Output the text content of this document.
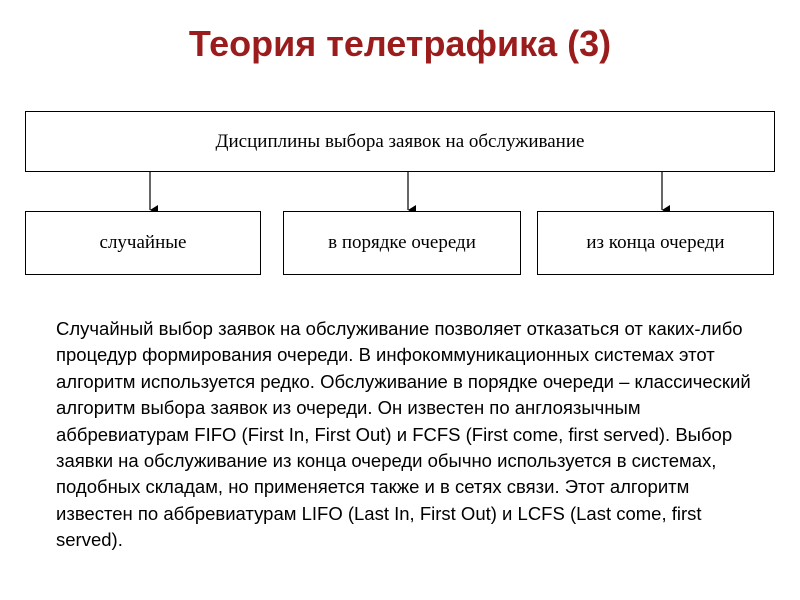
Теория телетрафика (3)
Дисциплины выбора заявок на обслуживание
случайные	в порядке очереди	из конца очереди

Случайный выбор заявок на обслуживание позволяет отказаться от каких-либо процедур формирования очереди. В инфокоммуникационных системах этот алгоритм используется редко. Обслуживание в порядке очереди – классический алгоритм выбора заявок из очереди. Он известен по англоязычным аббревиатурам FIFO (First In, First Out) и FCFS (First come, first served). Выбор заявки на обслуживание из конца очереди обычно используется в системах, подобных складам, но применяется также и в сетях связи. Этот алгоритм известен по аббревиатурам LIFO (Last In, First Out) и LCFS (Last come, first served).
